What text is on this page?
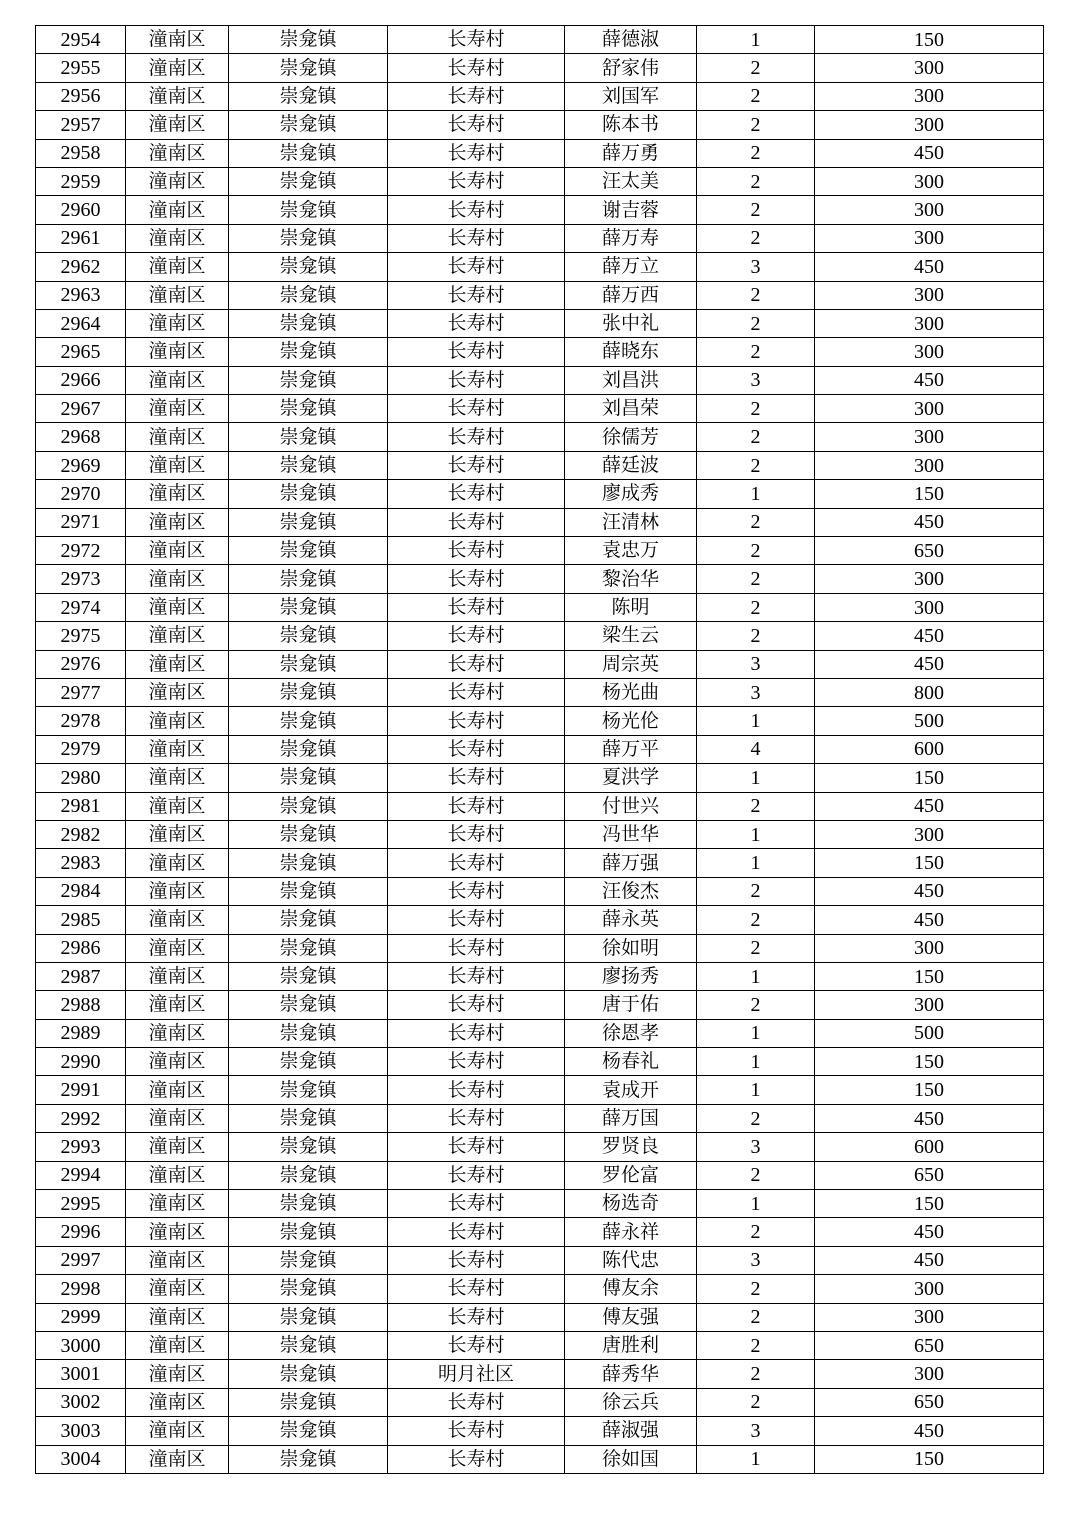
2954	潼南区	崇龛镇	长寿村	薛德淑	1	150
2955	潼南区	崇龛镇	长寿村	舒家伟	2	300
2956	潼南区	崇龛镇	长寿村	刘国军	2	300
2957	潼南区	崇龛镇	长寿村	陈本书	2	300
2958	潼南区	崇龛镇	长寿村	薛万勇	2	450
2959	潼南区	崇龛镇	长寿村	汪太美	2	300
2960	潼南区	崇龛镇	长寿村	谢吉蓉	2	300
2961	潼南区	崇龛镇	长寿村	薛万寿	2	300
2962	潼南区	崇龛镇	长寿村	薛万立	3	450
2963	潼南区	崇龛镇	长寿村	薛万西	2	300
2964	潼南区	崇龛镇	长寿村	张中礼	2	300
2965	潼南区	崇龛镇	长寿村	薛晓东	2	300
2966	潼南区	崇龛镇	长寿村	刘昌洪	3	450
2967	潼南区	崇龛镇	长寿村	刘昌荣	2	300
2968	潼南区	崇龛镇	长寿村	徐儒芳	2	300
2969	潼南区	崇龛镇	长寿村	薛廷波	2	300
2970	潼南区	崇龛镇	长寿村	廖成秀	1	150
2971	潼南区	崇龛镇	长寿村	汪清林	2	450
2972	潼南区	崇龛镇	长寿村	袁忠万	2	650
2973	潼南区	崇龛镇	长寿村	黎治华	2	300
2974	潼南区	崇龛镇	长寿村	陈明	2	300
2975	潼南区	崇龛镇	长寿村	梁生云	2	450
2976	潼南区	崇龛镇	长寿村	周宗英	3	450
2977	潼南区	崇龛镇	长寿村	杨光曲	3	800
2978	潼南区	崇龛镇	长寿村	杨光伦	1	500
2979	潼南区	崇龛镇	长寿村	薛万平	4	600
2980	潼南区	崇龛镇	长寿村	夏洪学	1	150
2981	潼南区	崇龛镇	长寿村	付世兴	2	450
2982	潼南区	崇龛镇	长寿村	冯世华	1	300
2983	潼南区	崇龛镇	长寿村	薛万强	1	150
2984	潼南区	崇龛镇	长寿村	汪俊杰	2	450
2985	潼南区	崇龛镇	长寿村	薛永英	2	450
2986	潼南区	崇龛镇	长寿村	徐如明	2	300
2987	潼南区	崇龛镇	长寿村	廖扬秀	1	150
2988	潼南区	崇龛镇	长寿村	唐于佑	2	300
2989	潼南区	崇龛镇	长寿村	徐恩孝	1	500
2990	潼南区	崇龛镇	长寿村	杨春礼	1	150
2991	潼南区	崇龛镇	长寿村	袁成开	1	150
2992	潼南区	崇龛镇	长寿村	薛万国	2	450
2993	潼南区	崇龛镇	长寿村	罗贤良	3	600
2994	潼南区	崇龛镇	长寿村	罗伦富	2	650
2995	潼南区	崇龛镇	长寿村	杨选奇	1	150
2996	潼南区	崇龛镇	长寿村	薛永祥	2	450
2997	潼南区	崇龛镇	长寿村	陈代忠	3	450
2998	潼南区	崇龛镇	长寿村	傅友余	2	300
2999	潼南区	崇龛镇	长寿村	傅友强	2	300
3000	潼南区	崇龛镇	长寿村	唐胜利	2	650
3001	潼南区	崇龛镇	明月社区	薛秀华	2	300
3002	潼南区	崇龛镇	长寿村	徐云兵	2	650
3003	潼南区	崇龛镇	长寿村	薛淑强	3	450
3004	潼南区	崇龛镇	长寿村	徐如国	1	150
